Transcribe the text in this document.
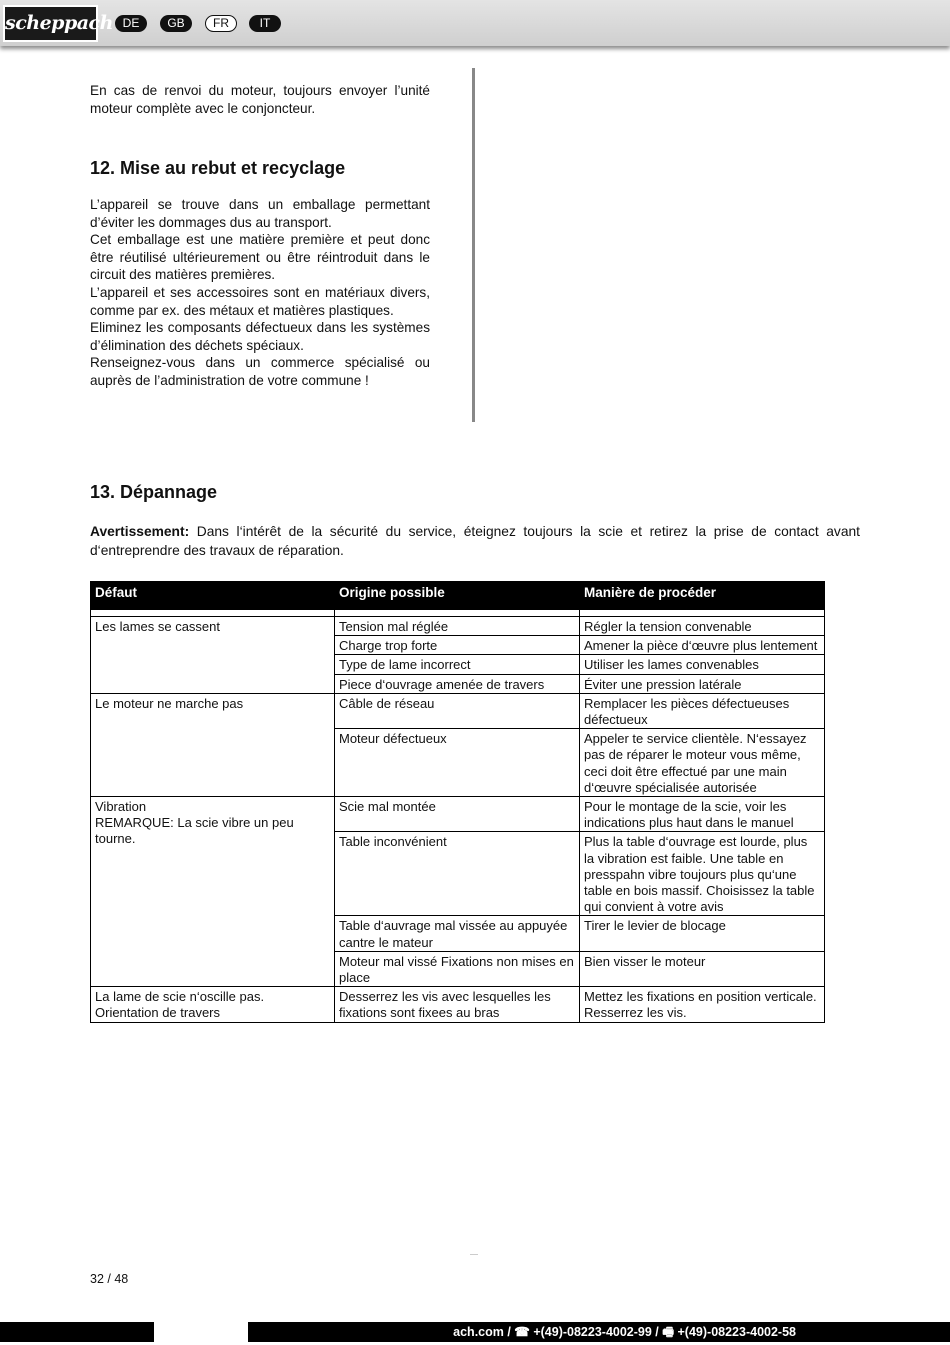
scheppach DE	GB	FR	IT

En cas de renvoi du moteur, toujours envoyer l’unité moteur complète avec le conjoncteur.

12. Mise au rebut et recyclage

L’appareil se trouve dans un emballage permettant d’éviter les dommages dus au transport.

Cet emballage est une matière première et peut donc être réutilisé ultérieurement ou être réintroduit dans le circuit des matières premières.

L’appareil et ses accessoires sont en matériaux divers, comme par ex. des métaux et matières plastiques.

Eliminez les composants défectueux dans les systèmes d’élimination des déchets spéciaux.

Renseignez-vous dans un commerce spécialisé ou auprès de l’administration de votre commune !

13. Dépannage

Avertissement: Dans l‘intérêt de la sécurité du service, éteignez toujours la scie et retirez la prise de contact avant d‘entreprendre des travaux de réparation.

Défaut	Origine possible	Manière de procéder

Les lames se cassent	Tension mal réglée	Régler la tension convenable
	Charge trop forte	Amener la pièce d‘œuvre plus lentement
	Type de lame incorrect	Utiliser les lames convenables
	Piece d‘ouvrage amenée de travers	Éviter une pression latérale
Le moteur ne marche pas	Câble de réseau	Remplacer les pièces défectueuses défectueux
	Moteur défectueux	Appeler te service clientèle. N‘essayez pas de réparer le moteur vous même, ceci doit être effectué par une main d‘œuvre spécialisée autorisée
Vibration
REMARQUE: La scie vibre un peu tourne.	Scie mal montée	Pour le montage de la scie, voir les indications plus haut dans le manuel
	Table inconvénient	Plus la table d‘ouvrage est lourde, plus la vibration est faible. Une table en presspahn vibre toujours plus qu‘une table en bois massif. Choisissez la table qui convient à votre avis
	Table d‘auvrage mal vissée au appuyée cantre le mateur	Tirer le levier de blocage
	Moteur mal vissé Fixations non mises en place	Bien visser le moteur
La lame de scie n‘oscille pas. Orientation de travers	Desserrez les vis avec lesquelles les fixations sont fixees au bras	Mettez les fixations en position verticale. Resserrez les vis.
32 / 48
ach.com / ☎ +(49)-08223-4002-99 / 🖷 +(49)-08223-4002-58
